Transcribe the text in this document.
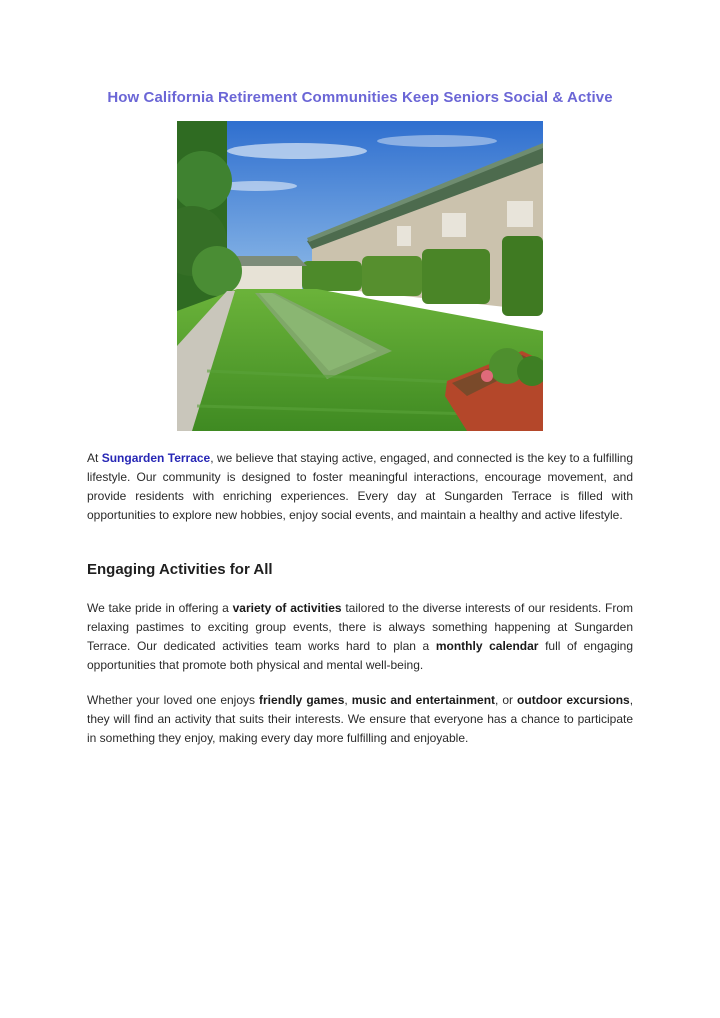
How California Retirement Communities Keep Seniors Social & Active
At Sungarden Terrace, we believe that staying active, engaged, and connected is the key to a fulfilling lifestyle. Our community is designed to foster meaningful interactions, encourage movement, and provide residents with enriching experiences. Every day at Sungarden Terrace is filled with opportunities to explore new hobbies, enjoy social events, and maintain a healthy and active lifestyle.
Engaging Activities for All
We take pride in offering a variety of activities tailored to the diverse interests of our residents. From relaxing pastimes to exciting group events, there is always something happening at Sungarden Terrace. Our dedicated activities team works hard to plan a monthly calendar full of engaging opportunities that promote both physical and mental well-being.
Whether your loved one enjoys friendly games, music and entertainment, or outdoor excursions, they will find an activity that suits their interests. We ensure that everyone has a chance to participate in something they enjoy, making every day more fulfilling and enjoyable.
